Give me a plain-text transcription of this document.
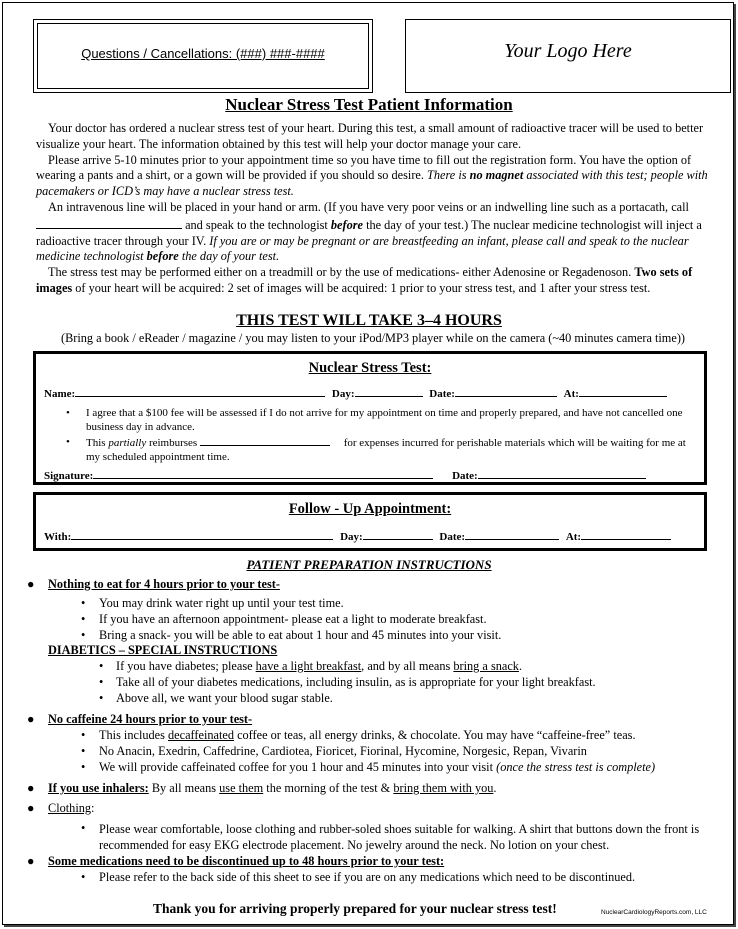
Questions / Cancellations: (###) ###-####	Your Logo Here
Nuclear Stress Test Patient Information

Your doctor has ordered a nuclear stress test of your heart. During this test, a small amount of radioactive tracer will be used to better visualize your heart. The information obtained by this test will help your doctor manage your care.

Please arrive 5-10 minutes prior to your appointment time so you have time to fill out the registration form. You have the option of wearing a pants and a shirt, or a gown will be provided if you should so desire. There is no magnet associated with this test; people with pacemakers or ICD’s may have a nuclear stress test.

An intravenous line will be placed in your hand or arm. (If you have very poor veins or an indwelling line such as a portacath, call  and speak to the technologist before the day of your test.) The nuclear medicine technologist will inject a radioactive tracer through your IV. If you are or may be pregnant or are breastfeeding an infant, please call and speak to the nuclear medicine technologist before the day of your test.

The stress test may be performed either on a treadmill or by the use of medications- either Adenosine or Regadenoson. Two sets of images of your heart will be acquired: 2 set of images will be acquired: 1 prior to your stress test, and 1 after your stress test.

THIS TEST WILL TAKE 3–4 HOURS
(Bring a book / eReader / magazine / you may listen to your iPod/MP3 player while on the camera (~40 minutes camera time))
Nuclear Stress Test:
Name:	Day:	Date:	At:
• I agree that a $100 fee will be assessed if I do not arrive for my appointment on time and properly prepared, and have not cancelled one business day in advance.
• This partially reimburses	for expenses incurred for perishable materials which will be waiting for me at my scheduled appointment time.
Signature:	Date:
Follow - Up Appointment:
With:	Day:	Date:	At:
PATIENT PREPARATION INSTRUCTIONS
● Nothing to eat for 4 hours prior to your test-
• You may drink water right up until your test time.
• If you have an afternoon appointment- please eat a light to moderate breakfast.
• Bring a snack- you will be able to eat about 1 hour and 45 minutes into your visit.
DIABETICS – SPECIAL INSTRUCTIONS
• If you have diabetes; please have a light breakfast, and by all means bring a snack.
• Take all of your diabetes medications, including insulin, as is appropriate for your light breakfast.
• Above all, we want your blood sugar stable.
● No caffeine 24 hours prior to your test-
• This includes decaffeinated coffee or teas, all energy drinks, & chocolate. You may have “caffeine-free” teas.
• No Anacin, Exedrin, Caffedrine, Cardiotea, Fioricet, Fiorinal, Hycomine, Norgesic, Repan, Vivarin
• We will provide caffeinated coffee for you 1 hour and 45 minutes into your visit (once the stress test is complete)
● If you use inhalers: By all means use them the morning of the test & bring them with you.
● Clothing:
• Please wear comfortable, loose clothing and rubber-soled shoes suitable for walking. A shirt that buttons down the front is recommended for easy EKG electrode placement. No jewelry around the neck. No lotion on your chest.
● Some medications need to be discontinued up to 48 hours prior to your test:
• Please refer to the back side of this sheet to see if you are on any medications which need to be discontinued.
Thank you for arriving properly prepared for your nuclear stress test!	NuclearCardiologyReports.com, LLC
